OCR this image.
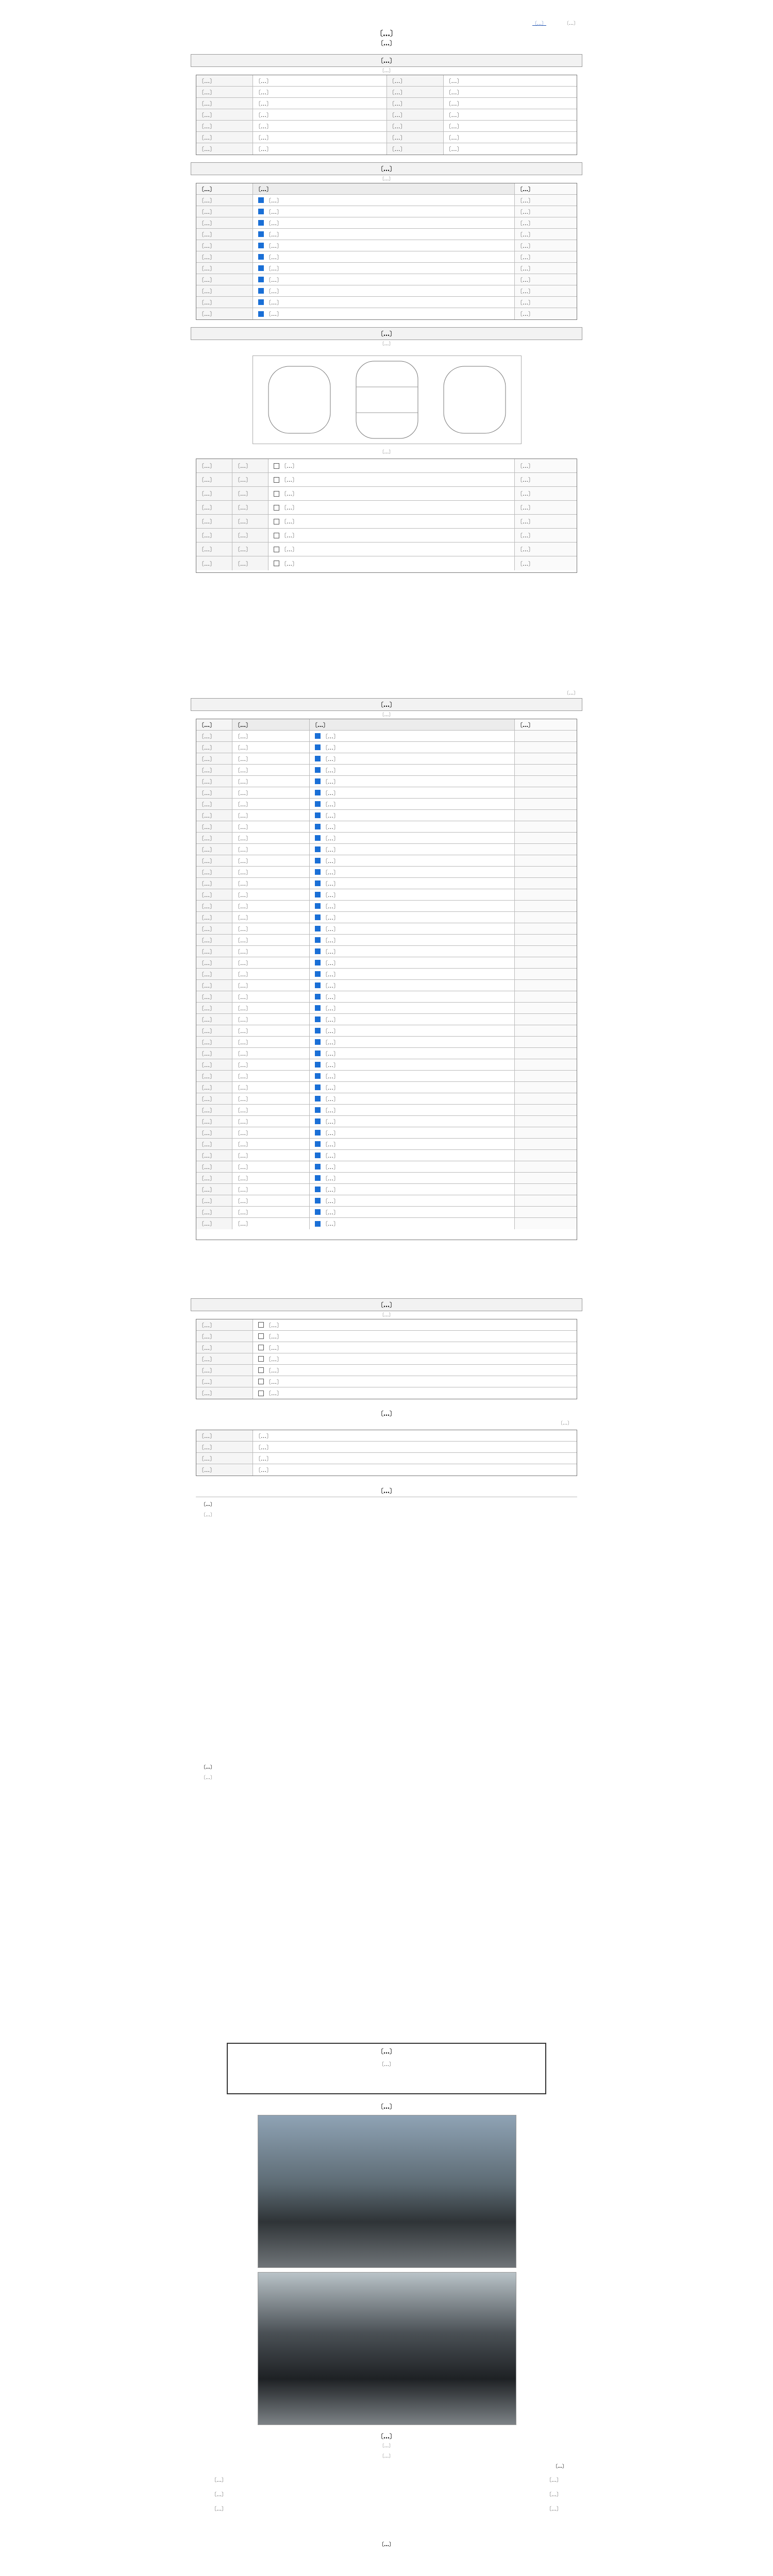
〔…〕	〔…〕
〔…〕
〔…〕
〔…〕
〔…〕
〔…〕	〔…〕	〔…〕	〔…〕
〔…〕	〔…〕	〔…〕	〔…〕
〔…〕	〔…〕	〔…〕	〔…〕
〔…〕	〔…〕	〔…〕	〔…〕
〔…〕	〔…〕	〔…〕	〔…〕
〔…〕	〔…〕	〔…〕	〔…〕
〔…〕	〔…〕	〔…〕	〔…〕
〔…〕
〔…〕
〔…〕	〔…〕	〔…〕
〔…〕	〔…〕	〔…〕
〔…〕	〔…〕	〔…〕
〔…〕	〔…〕	〔…〕
〔…〕	〔…〕	〔…〕
〔…〕	〔…〕	〔…〕
〔…〕	〔…〕	〔…〕
〔…〕	〔…〕	〔…〕
〔…〕	〔…〕	〔…〕
〔…〕	〔…〕	〔…〕
〔…〕	〔…〕	〔…〕
〔…〕	〔…〕	〔…〕
〔…〕
〔…〕
〔…〕
〔…〕	〔…〕	〔…〕	〔…〕
〔…〕	〔…〕	〔…〕	〔…〕
〔…〕	〔…〕	〔…〕	〔…〕
〔…〕	〔…〕	〔…〕	〔…〕
〔…〕	〔…〕	〔…〕	〔…〕
〔…〕	〔…〕	〔…〕	〔…〕
〔…〕	〔…〕	〔…〕	〔…〕
〔…〕	〔…〕	〔…〕	〔…〕
〔…〕
〔…〕
〔…〕
〔…〕	〔…〕	〔…〕	〔…〕
〔…〕	〔…〕	〔…〕
〔…〕	〔…〕	〔…〕
〔…〕	〔…〕	〔…〕
〔…〕	〔…〕	〔…〕
〔…〕	〔…〕	〔…〕
〔…〕	〔…〕	〔…〕
〔…〕	〔…〕	〔…〕
〔…〕	〔…〕	〔…〕
〔…〕	〔…〕	〔…〕
〔…〕	〔…〕	〔…〕
〔…〕	〔…〕	〔…〕
〔…〕	〔…〕	〔…〕
〔…〕	〔…〕	〔…〕
〔…〕	〔…〕	〔…〕
〔…〕	〔…〕	〔…〕
〔…〕	〔…〕	〔…〕
〔…〕	〔…〕	〔…〕
〔…〕	〔…〕	〔…〕
〔…〕	〔…〕	〔…〕
〔…〕	〔…〕	〔…〕
〔…〕	〔…〕	〔…〕
〔…〕	〔…〕	〔…〕
〔…〕	〔…〕	〔…〕
〔…〕	〔…〕	〔…〕
〔…〕	〔…〕	〔…〕
〔…〕	〔…〕	〔…〕
〔…〕	〔…〕	〔…〕
〔…〕	〔…〕	〔…〕
〔…〕	〔…〕	〔…〕
〔…〕	〔…〕	〔…〕
〔…〕	〔…〕	〔…〕
〔…〕	〔…〕	〔…〕
〔…〕	〔…〕	〔…〕
〔…〕	〔…〕	〔…〕
〔…〕	〔…〕	〔…〕
〔…〕	〔…〕	〔…〕
〔…〕	〔…〕	〔…〕
〔…〕	〔…〕	〔…〕
〔…〕	〔…〕	〔…〕
〔…〕	〔…〕	〔…〕
〔…〕	〔…〕	〔…〕
〔…〕	〔…〕	〔…〕
〔…〕	〔…〕	〔…〕
〔…〕	〔…〕	〔…〕
〔…〕
〔…〕
〔…〕	〔…〕
〔…〕	〔…〕
〔…〕	〔…〕
〔…〕	〔…〕
〔…〕	〔…〕
〔…〕	〔…〕
〔…〕	〔…〕
〔…〕
〔…〕
〔…〕	〔…〕
〔…〕	〔…〕
〔…〕	〔…〕
〔…〕	〔…〕
〔…〕
〔…〕
〔…〕
〔…〕
〔…〕
〔…〕
〔…〕
〔…〕
〔…〕
〔…〕
〔…〕
〔…〕
〔…〕	〔…〕
〔…〕	〔…〕
〔…〕	〔…〕
〔…〕
